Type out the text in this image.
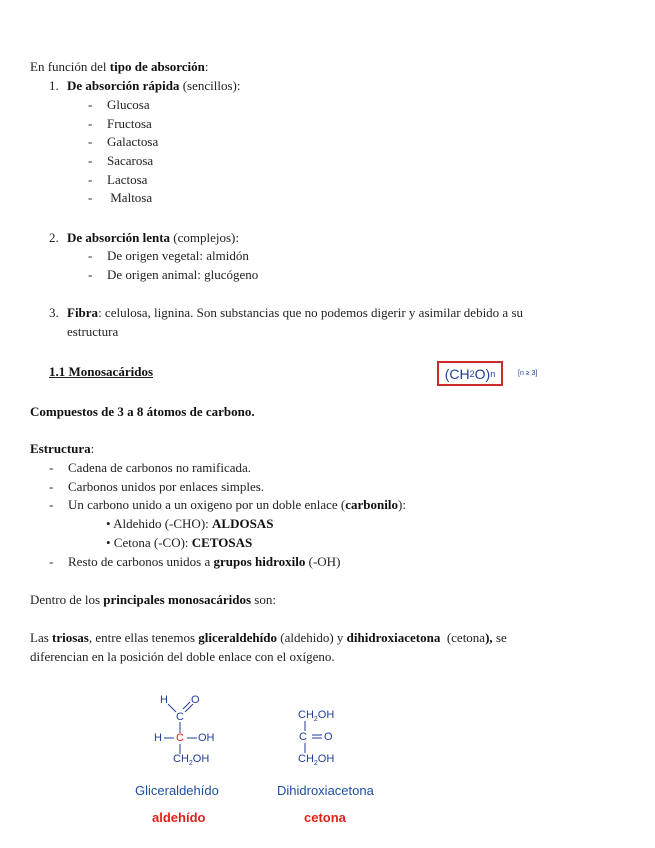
En función del tipo de absorción:
1. De absorción rápida (sencillos):
- Glucosa
- Fructosa
- Galactosa
- Sacarosa
- Lactosa
- Maltosa
2. De absorción lenta (complejos):
- De origen vegetal: almidón
- De origen animal: glucógeno
3. Fibra: celulosa, lignina. Son substancias que no podemos digerir y asimilar debido a su
estructura
1.1 Monosacáridos	(CH 2 O) n	[n ≥ 3]
Compuestos de 3 a 8 átomos de carbono.
Estructura:
- Cadena de carbonos no ramificada.
- Carbonos unidos por enlaces simples.
- Un carbono unido a un oxigeno por un doble enlace (carbonilo):
• Aldehido (-CHO): ALDOSAS
• Cetona (-CO): CETOSAS
- Resto de carbonos unidos a grupos hidroxilo (-OH)
Dentro de los principales monosacáridos son:
Las triosas, entre ellas tenemos gliceraldehído (aldehido) y dihidroxiacetona  (cetona), se
diferencian en la posición del doble enlace con el oxígeno.
H O
C
H C OH
$CH_2OH$
$CH_2OH$
C O
$CH_2OH$
Gliceraldehído	Dihidroxiacetona
aldehído	cetona
